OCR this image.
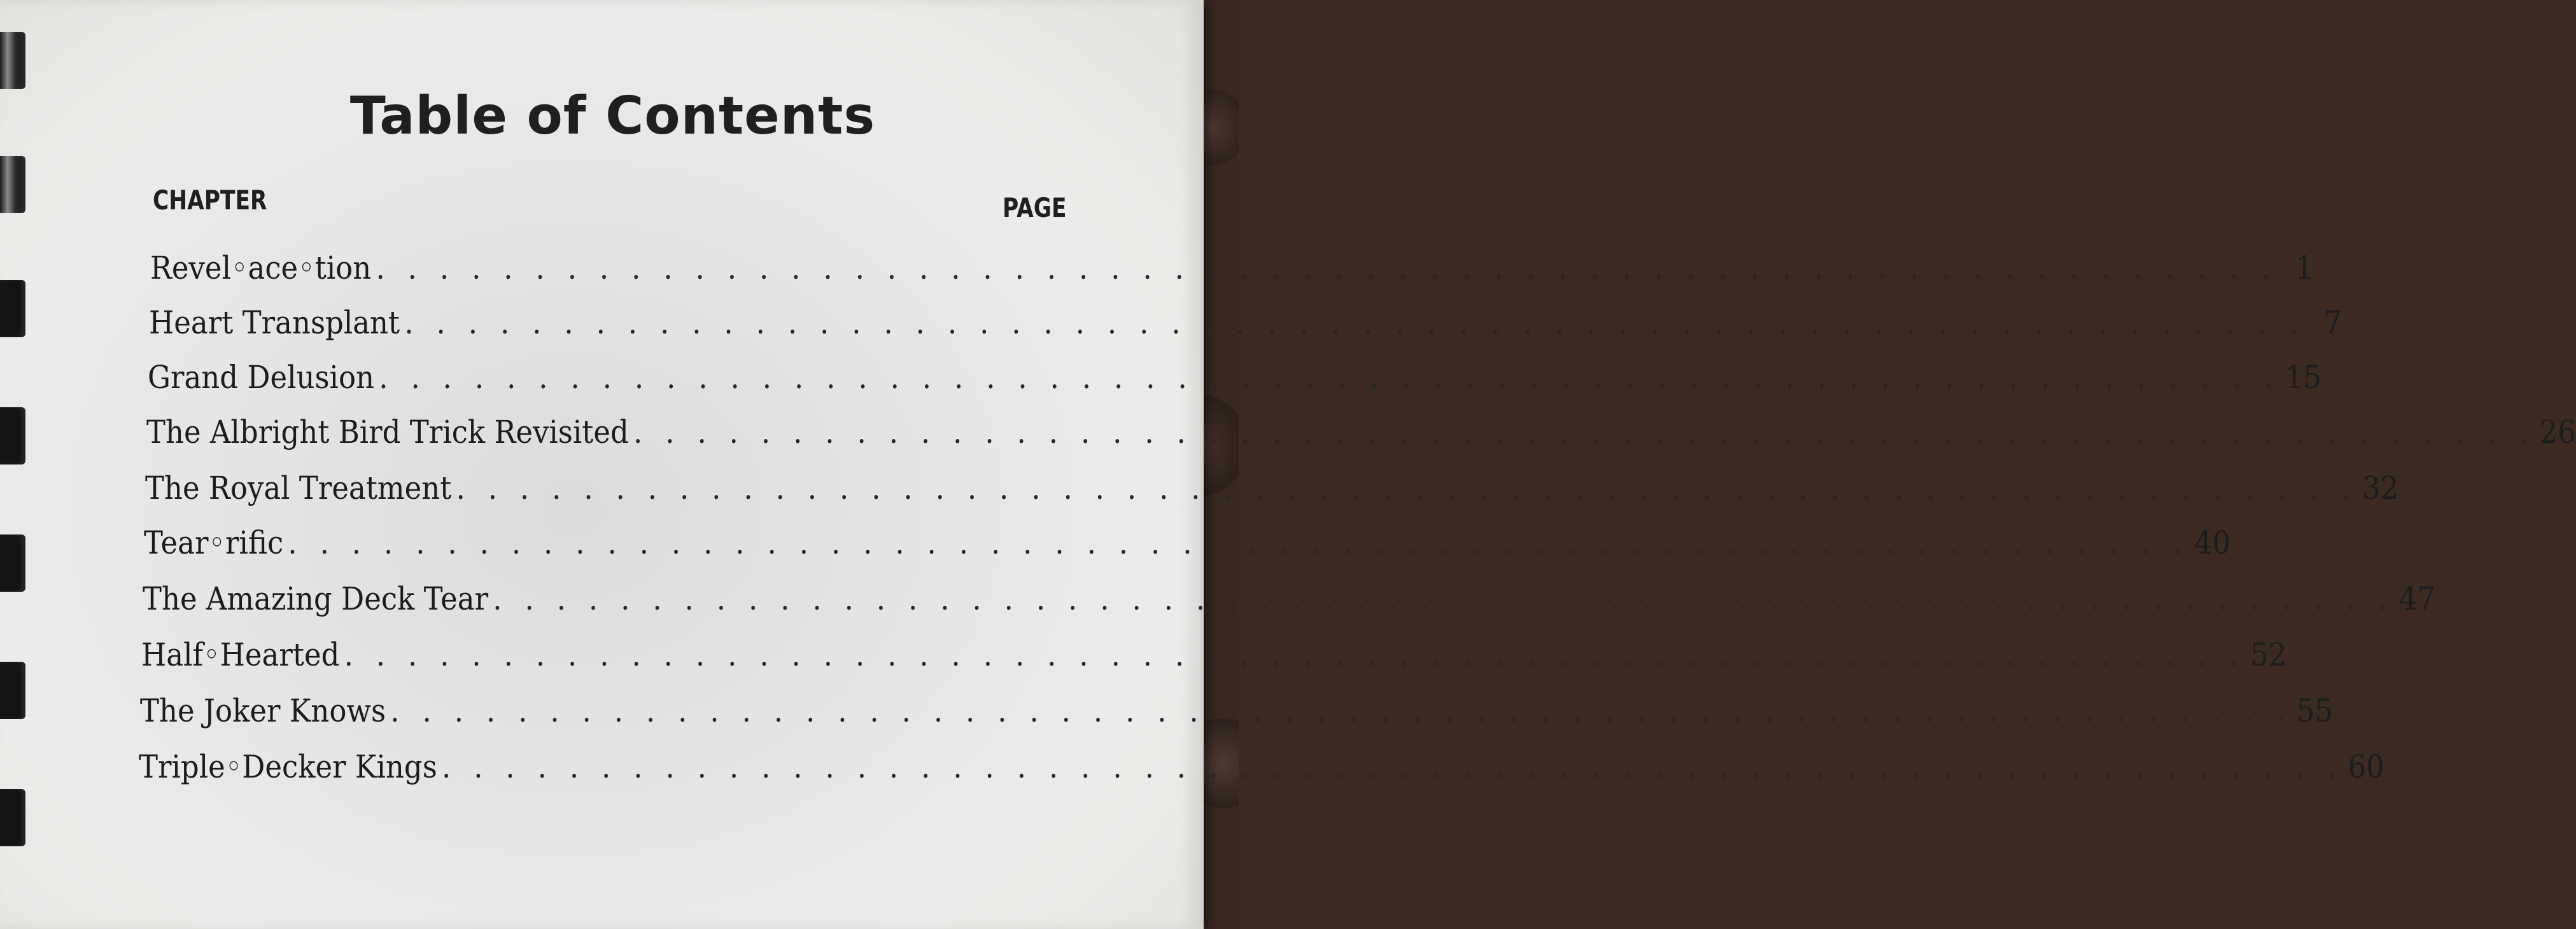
Table of Contents
CHAPTER	PAGE
Revel◦ace◦tion . . . . . . . . . . . . . . . . . . . . . . . . . . . . . . . . . . . . . . . . . . . . . . . . . . . . . . . . . . . . 1
Heart Transplant . . . . . . . . . . . . . . . . . . . . . . . . . . . . . . . . . . . . . . . . . . . . . . . . . . . . . . . . . . . . 7
Grand Delusion . . . . . . . . . . . . . . . . . . . . . . . . . . . . . . . . . . . . . . . . . . . . . . . . . . . . . . . . . . . . 15
The Albright Bird Trick Revisited . . . . . . . . . . . . . . . . . . . . . . . . . . . . . . . . . . . . . . . . . . . . . . . . . . . . . . . . . . . . 26
The Royal Treatment . . . . . . . . . . . . . . . . . . . . . . . . . . . . . . . . . . . . . . . . . . . . . . . . . . . . . . . . . . . . 32
Tear◦rific . . . . . . . . . . . . . . . . . . . . . . . . . . . . . . . . . . . . . . . . . . . . . . . . . . . . . . . . . . . . 40
The Amazing Deck Tear . . . . . . . . . . . . . . . . . . . . . . . . . . . . . . . . . . . . . . . . . . . . . . . . . . . . . . . . . . . . 47
Half◦Hearted . . . . . . . . . . . . . . . . . . . . . . . . . . . . . . . . . . . . . . . . . . . . . . . . . . . . . . . . . . . . 52
The Joker Knows . . . . . . . . . . . . . . . . . . . . . . . . . . . . . . . . . . . . . . . . . . . . . . . . . . . . . . . . . . . . 55
Triple◦Decker Kings . . . . . . . . . . . . . . . . . . . . . . . . . . . . . . . . . . . . . . . . . . . . . . . . . . . . . . . . . . . . 60
